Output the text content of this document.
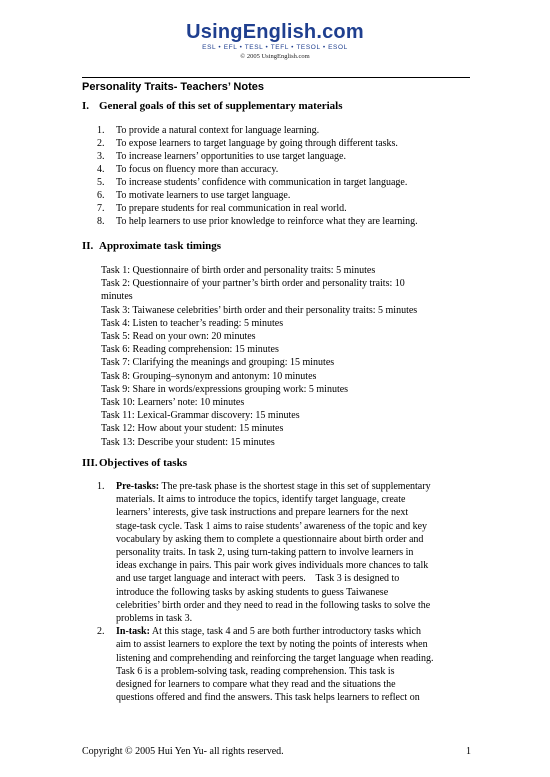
UsingEnglish.com
ESL • EFL • TESL • TEFL • TESOL • ESOL
© 2005 UsingEnglish.com
Personality Traits- Teachers’ Notes
I. General goals of this set of supplementary materials
1. To provide a natural context for language learning.
2. To expose learners to target language by going through different tasks.
3. To increase learners’ opportunities to use target language.
4. To focus on fluency more than accuracy.
5. To increase students’ confidence with communication in target language.
6. To motivate learners to use target language.
7. To prepare students for real communication in real world.
8. To help learners to use prior knowledge to reinforce what they are learning.
II. Approximate task timings
Task 1: Questionnaire of birth order and personality traits: 5 minutes
Task 2: Questionnaire of your partner’s birth order and personality traits: 10
minutes
Task 3: Taiwanese celebrities’ birth order and their personality traits: 5 minutes
Task 4: Listen to teacher’s reading: 5 minutes
Task 5: Read on your own: 20 minutes
Task 6: Reading comprehension: 15 minutes
Task 7: Clarifying the meanings and grouping: 15 minutes
Task 8: Grouping–synonym and antonym: 10 minutes
Task 9: Share in words/expressions grouping work: 5 minutes
Task 10: Learners’ note: 10 minutes
Task 11: Lexical-Grammar discovery: 15 minutes
Task 12: How about your student: 15 minutes
Task 13: Describe your student: 15 minutes
III.Objectives of tasks
1. Pre-tasks: The pre-task phase is the shortest stage in this set of supplementary
materials. It aims to introduce the topics, identify target language, create
learners’ interests, give task instructions and prepare learners for the next
stage-task cycle. Task 1 aims to raise students’ awareness of the topic and key
vocabulary by asking them to complete a questionnaire about birth order and
personality traits. In task 2, using turn-taking pattern to involve learners in
ideas exchange in pairs. This pair work gives individuals more chances to talk
and use target language and interact with peers.    Task 3 is designed to
introduce the following tasks by asking students to guess Taiwanese
celebrities’ birth order and they need to read in the following tasks to solve the
problems in task 3.
2. In-task: At this stage, task 4 and 5 are both further introductory tasks which
aim to assist learners to explore the text by noting the points of interests when
listening and comprehending and reinforcing the target language when reading.
Task 6 is a problem-solving task, reading comprehension. This task is
designed for learners to compare what they read and the situations the
questions offered and find the answers. This task helps learners to reflect on
Copyright © 2005 Hui Yen Yu- all rights reserved.	1
